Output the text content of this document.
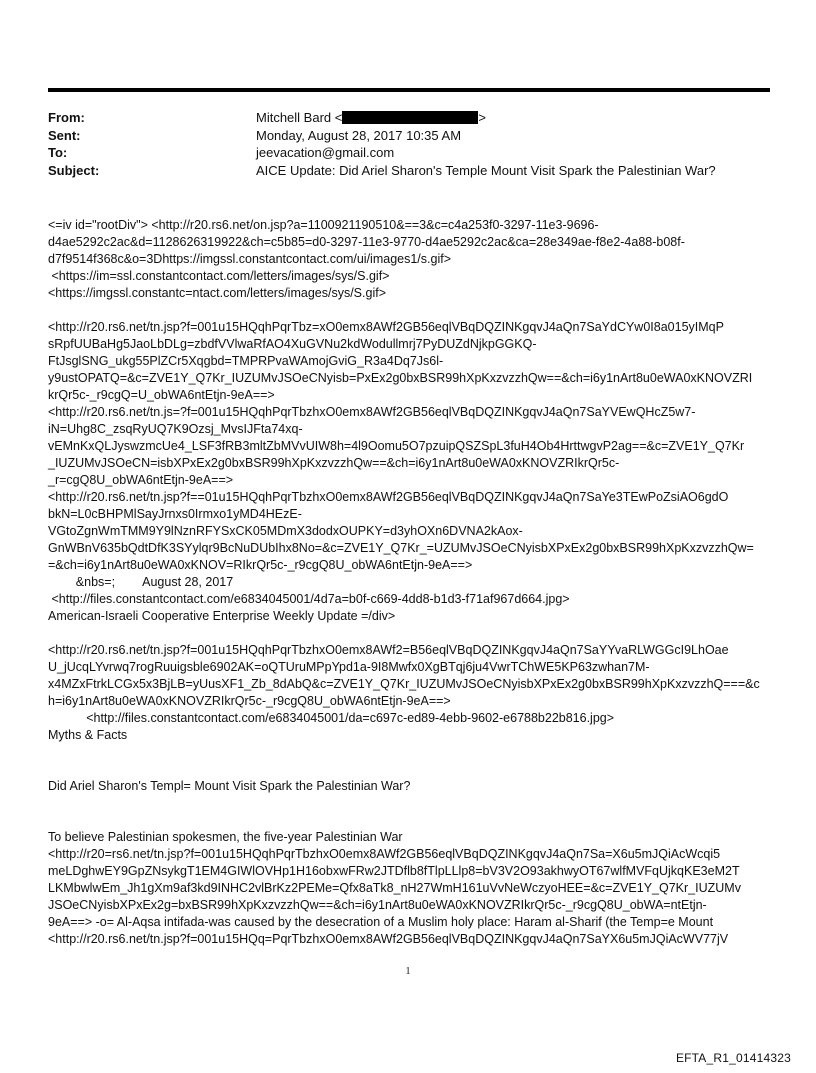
From:	Mitchell Bard <	>
Sent:	Monday, August 28, 2017 10:35 AM
To:	jeevacation@gmail.com
Subject:	AICE Update: Did Ariel Sharon's Temple Mount Visit Spark the Palestinian War?
<=iv id="rootDiv"> <http://r20.rs6.net/on.jsp?a=1100921190510&==3&c=c4a253f0-3297-11e3-9696-
d4ae5292c2ac&d=1128626319922&ch=c5b85=d0-3297-11e3-9770-d4ae5292c2ac&ca=28e349ae-f8e2-4a88-b08f-
d7f9514f368c&o=3Dhttps://imgssl.constantcontact.com/ui/images1/s.gif>
<https://im=ssl.constantcontact.com/letters/images/sys/S.gif>
<https://imgssl.constantc=ntact.com/letters/images/sys/S.gif>
<http://r20.rs6.net/tn.jsp?f=001u15HQqhPqrTbz=xO0emx8AWf2GB56eqlVBqDQZINKgqvJ4aQn7SaYdCYw0I8a015yIMqP
sRpfUUBaHg5JaoLbDLg=zbdfVVlwaRfAO4XuGVNu2kdWodullmrj7PyDUZdNjkpGGKQ-
FtJsglSNG_ukg55PlZCr5Xqgbd=TMPRPvaWAmojGviG_R3a4Dq7Js6l-
y9ustOPATQ=&c=ZVE1Y_Q7Kr_IUZUMvJSOeCNyisb=PxEx2g0bxBSR99hXpKxzvzzhQw==&ch=i6y1nArt8u0eWA0xKNOVZRI
krQr5c-_r9cgQ=U_obWA6ntEtjn-9eA==>
<http://r20.rs6.net/tn.js=?f=001u15HQqhPqrTbzhxO0emx8AWf2GB56eqlVBqDQZINKgqvJ4aQn7SaYVEwQHcZ5w7-
iN=Uhg8C_zsqRyUQ7K9Ozsj_MvsIJFta74xq-
vEMnKxQLJyswzmcUe4_LSF3fRB3mltZbMVvUIW8h=4l9Oomu5O7pzuipQSZSpL3fuH4Ob4HrttwgvP2ag==&c=ZVE1Y_Q7Kr
_IUZUMvJSOeCN=isbXPxEx2g0bxBSR99hXpKxzvzzhQw==&ch=i6y1nArt8u0eWA0xKNOVZRIkrQr5c-
_r=cgQ8U_obWA6ntEtjn-9eA==>
<http://r20.rs6.net/tn.jsp?f==01u15HQqhPqrTbzhxO0emx8AWf2GB56eqlVBqDQZINKgqvJ4aQn7SaYe3TEwPoZsiAO6gdO
bkN=L0cBHPMlSayJrnxs0Irmxo1yMD4HEzE-
VGtoZgnWmTMM9Y9lNznRFYSxCK05MDmX3dodxOUPKY=d3yhOXn6DVNA2kAox-
GnWBnV635bQdtDfK3SYylqr9BcNuDUbIhx8No=&c=ZVE1Y_Q7Kr_=UZUMvJSOeCNyisbXPxEx2g0bxBSR99hXpKxzvzzhQw=
=&ch=i6y1nArt8u0eWA0xKNOV=RIkrQr5c-_r9cgQ8U_obWA6ntEtjn-9eA==>
&nbs=;        August 28, 2017
<http://files.constantcontact.com/e6834045001/4d7a=b0f-c669-4dd8-b1d3-f71af967d664.jpg>
American-Israeli Cooperative Enterprise Weekly Update =/div>
<http://r20.rs6.net/tn.jsp?f=001u15HQqhPqrTbzhxO0emx8AWf2=B56eqlVBqDQZINKgqvJ4aQn7SaYYvaRLWGGcI9LhOae
U_jUcqLYvrwq7rogRuuigsble6902AK=oQTUruMPpYpd1a-9I8Mwfx0XgBTqj6ju4VwrTChWE5KP63zwhan7M-
x4MZxFtrkLCGx5x3BjLB=yUusXF1_Zb_8dAbQ&c=ZVE1Y_Q7Kr_IUZUMvJSOeCNyisbXPxEx2g0bxBSR99hXpKxzvzzhQ===&c
h=i6y1nArt8u0eWA0xKNOVZRIkrQr5c-_r9cgQ8U_obWA6ntEtjn-9eA==>
<http://files.constantcontact.com/e6834045001/da=c697c-ed89-4ebb-9602-e6788b22b816.jpg>
Myths & Facts
Did Ariel Sharon's Templ= Mount Visit Spark the Palestinian War?
To believe Palestinian spokesmen, the five-year Palestinian War
<http://r20=rs6.net/tn.jsp?f=001u15HQqhPqrTbzhxO0emx8AWf2GB56eqlVBqDQZINKgqvJ4aQn7Sa=X6u5mJQiAcWcqi5
meLDghwEY9GpZNsykgT1EM4GIWlOVHp1H16obxwFRw2JTDflb8fTlpLLlp8=bV3V2O93akhwyOT67wlfMVFqUjkqKE3eM2T
LKMbwlwEm_Jh1gXm9af3kd9INHC2vlBrKz2PEMe=Qfx8aTk8_nH27WmH161uVvNeWczyoHEE=&c=ZVE1Y_Q7Kr_IUZUMv
JSOeCNyisbXPxEx2g=bxBSR99hXpKxzvzzhQw==&ch=i6y1nArt8u0eWA0xKNOVZRIkrQr5c-_r9cgQ8U_obWA=ntEtjn-
9eA==> -o= Al-Aqsa intifada-was caused by the desecration of a Muslim holy place: Haram al-Sharif (the Temp=e Mount
<http://r20.rs6.net/tn.jsp?f=001u15HQq=PqrTbzhxO0emx8AWf2GB56eqlVBqDQZINKgqvJ4aQn7SaYX6u5mJQiAcWV77jV
1
EFTA_R1_01414323
